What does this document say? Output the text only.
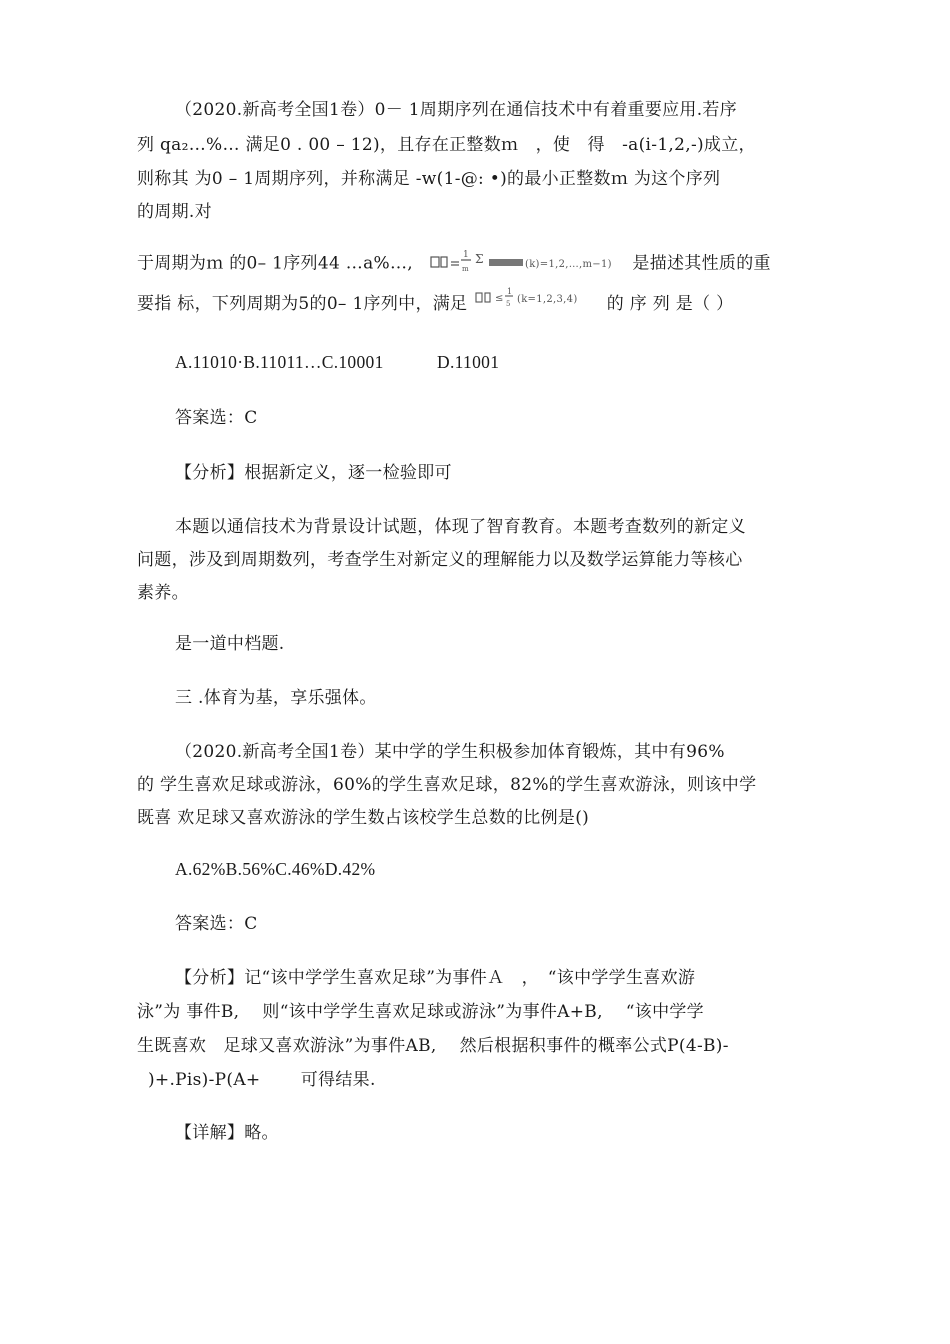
（2020.新高考全国1卷）0－ 1周期序列在通信技术中有着重要应用.若序
列 qa₂…%… 满足0 . 00 – 12)，且存在正整数ｍ　，使　得　-a(i-1,2,-)成立，
则称其 为0 – 1周期序列，并称满足 -w(1-@: •)的最小正整数ｍ 为这个序列
的周期.对
于周期为ｍ 的0– 1序列44 …a%…,	1
m
Σ	(k)=1,2,…,m−1) 是描述其性质的重
要指 标，下列周期为5的0– 1序列中，满足	≤
1
5 (k=1,2,3,4) 的 序 列 是（ ）
A.11010·B.11011…C.10001　　　D.11001
答案选：C
【分析】根据新定义，逐一检验即可
本题以通信技术为背景设计试题，体现了智育教育。本题考查数列的新定义
问题，涉及到周期数列，考查学生对新定义的理解能力以及数学运算能力等核心
素养。
是一道中档题.
三 .体育为基，享乐强体。
（2020.新高考全国1卷）某中学的学生积极参加体育锻炼，其中有96%
的 学生喜欢足球或游泳，60%的学生喜欢足球，82%的学生喜欢游泳，则该中学
既喜 欢足球又喜欢游泳的学生数占该校学生总数的比例是()
A.62%B.56%C.46%D.42%
答案选：C
【分析】记“该中学学生喜欢足球”为事件Ａ　，　“该中学学生喜欢游
泳”为 事件B,　 则“该中学学生喜欢足球或游泳”为事件A+B,　 “该中学学
生既喜欢　足球又喜欢游泳”为事件AB,　 然后根据积事件的概率公式P(4-B)-
)+.Pis)-P(A+　　 可得结果.
【详解】略。
